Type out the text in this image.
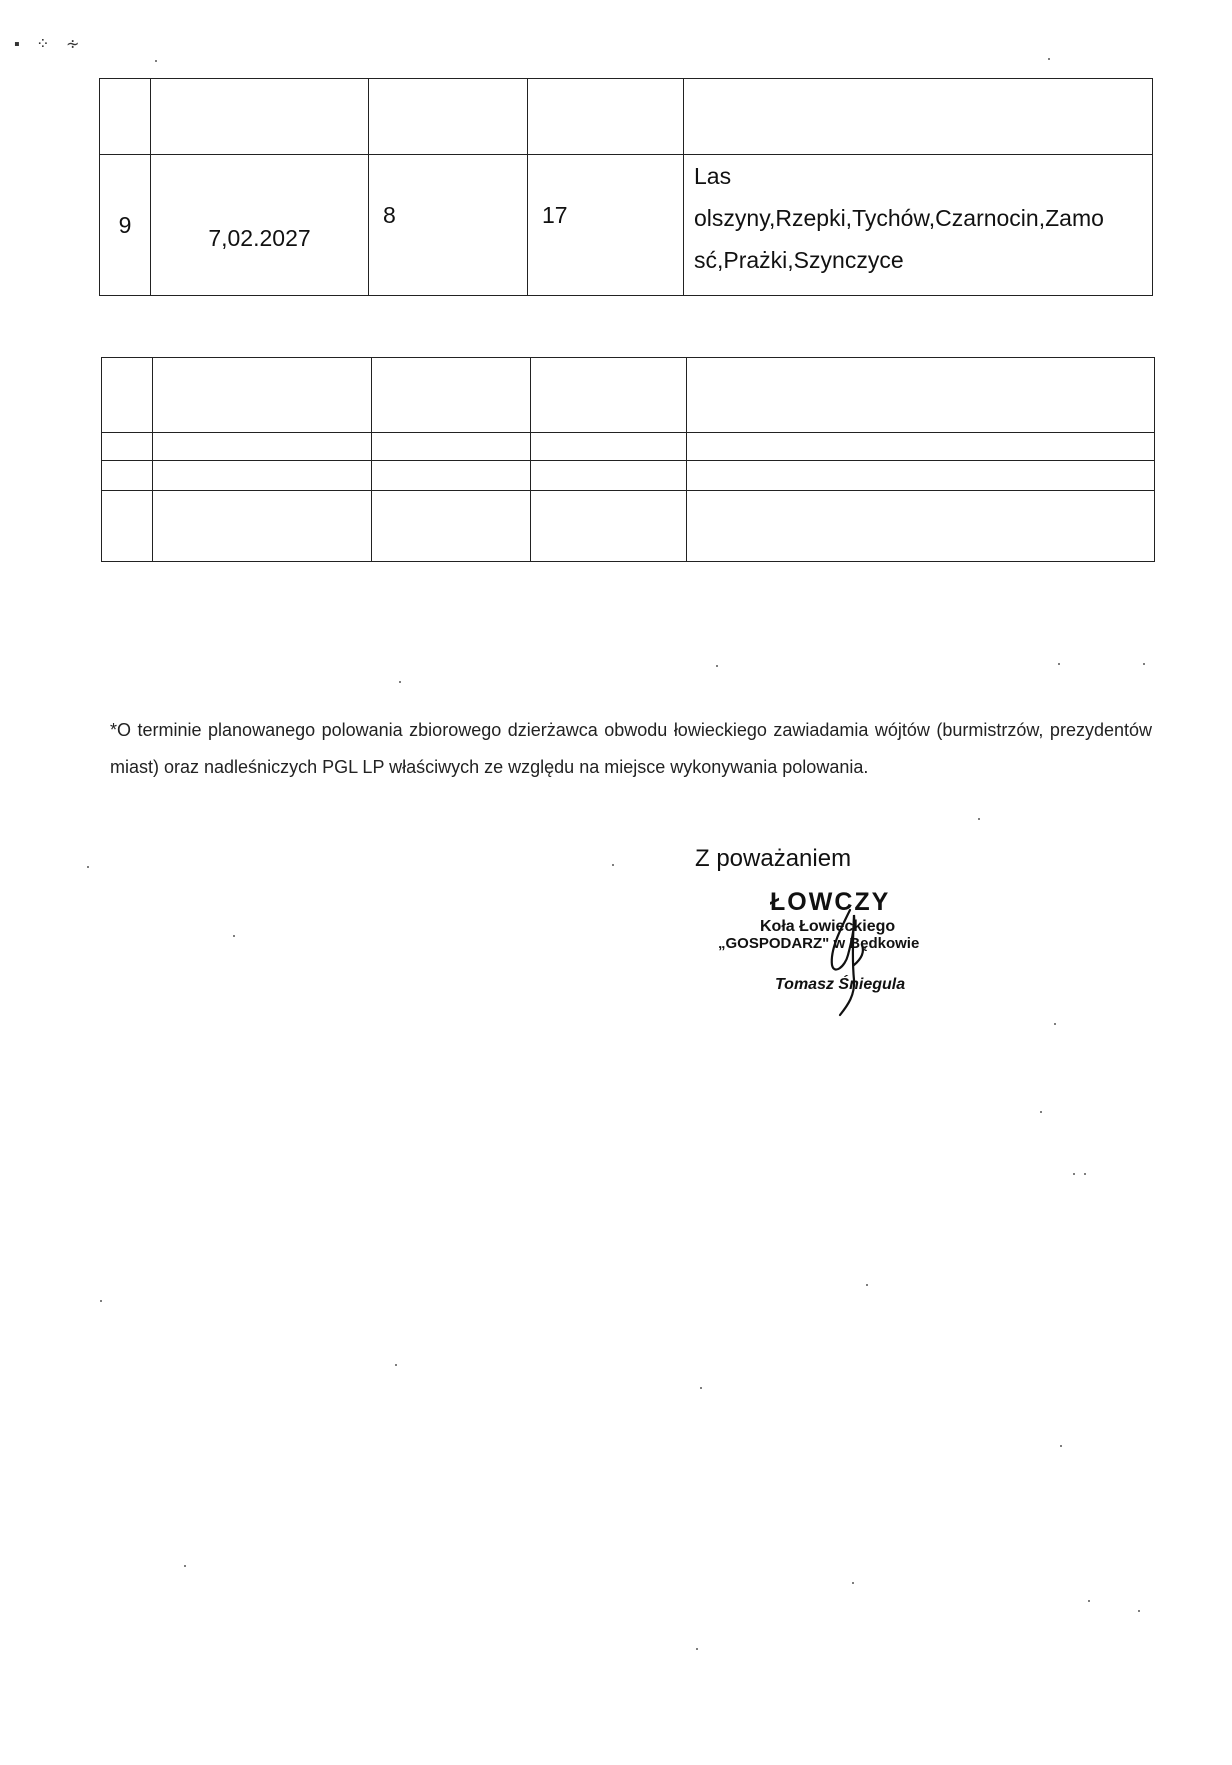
▪ ⁘ ∻

9	7,02.2027	8	17	Las
olszyny,Rzepki,Tychów,Czarnocin,Zamo
sć,Prażki,Szynczyce

*O terminie planowanego polowania zbiorowego dzierżawca obwodu łowieckiego zawiadamia wójtów (burmistrzów, prezydentów miast) oraz nadleśniczych PGL LP właściwych ze względu na miejsce wykonywania polowania.

Z poważaniem
ŁOWCZY
Koła Łowieckiego
„GOSPODARZ" w Będkowie
Tomasz Śniegula
